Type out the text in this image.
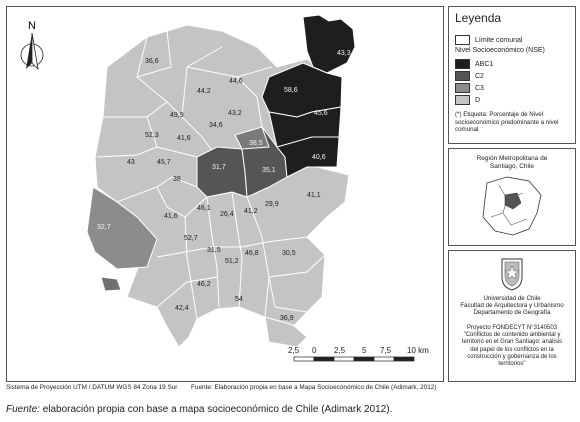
N
43,3
36,6
44,6
58,6
44,2
49,9	43,2
34,6
45,6
52,3	41,6
38,5
43	45,7
31,7	35,1
40,6
38
41,1
41,6
46,1
26,4 41,2
29,9
32,7
52,7
31,5
51,2
46,8	30,5
46,2
54
42,4
36,9
2,5 0 2,5 5 7,5 10 km
Leyenda
Límite comunal
Nivel Socioeconómico (NSE)
ABC1
C2
C3
D
(*) Etiqueta: Porcentaje de Nivel socioeconómico predominante a nivel comunal
Región Metropolitana de
Santiago, Chile
Universidad de Chile
Facultad de Arquitectura y Urbanismo
Departamento de Geografía
Proyecto FONDECYT N°3140503
"Conflictos de contenido ambiental y
territorio en el Gran Santiago: análisis
del papel de los conflictos en la
construcción y gobernanza de los
territorios"
Sistema de Proyección UTM / DATUM WGS 84 Zona 19 Sur Fuente: Elaboración propia en base a Mapa Socioeconómico de Chile (Adimark, 2012)
Fuente: elaboración propia con base a mapa socioeconómico de Chile (Adimark 2012).
